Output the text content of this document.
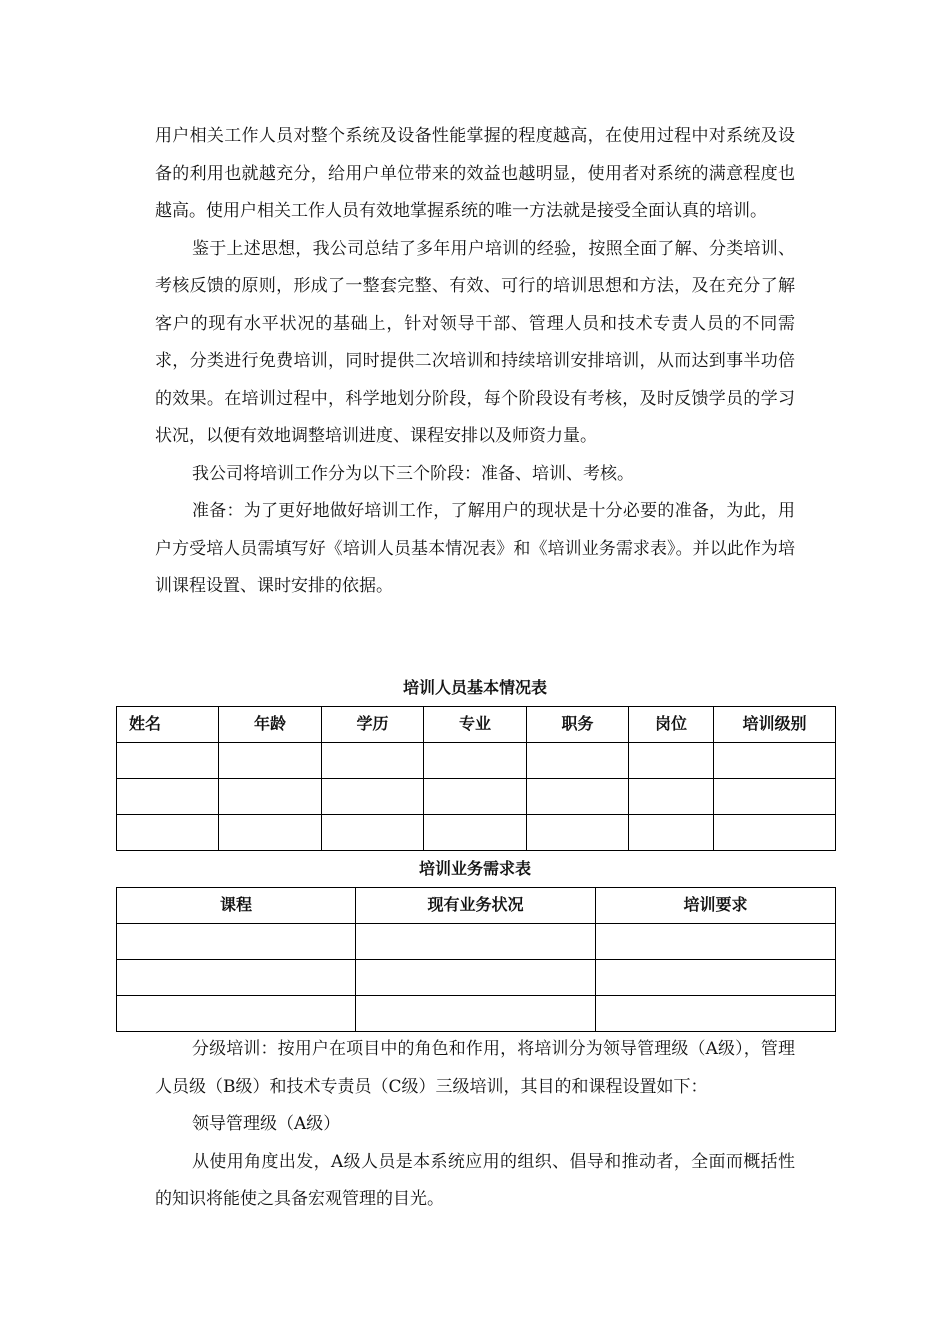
用户相关工作人员对整个系统及设备性能掌握的程度越高，在使用过程中对系统及设备的利用也就越充分，给用户单位带来的效益也越明显，使用者对系统的满意程度也越高。使用户相关工作人员有效地掌握系统的唯一方法就是接受全面认真的培训。

鉴于上述思想，我公司总结了多年用户培训的经验，按照全面了解、分类培训、考核反馈的原则，形成了一整套完整、有效、可行的培训思想和方法，及在充分了解客户的现有水平状况的基础上，针对领导干部、管理人员和技术专责人员的不同需求，分类进行免费培训，同时提供二次培训和持续培训安排培训，从而达到事半功倍的效果。在培训过程中，科学地划分阶段，每个阶段设有考核，及时反馈学员的学习状况，以便有效地调整培训进度、课程安排以及师资力量。

我公司将培训工作分为以下三个阶段：准备、培训、考核。

准备：为了更好地做好培训工作，了解用户的现状是十分必要的准备，为此，用户方受培人员需填写好《培训人员基本情况表》和《培训业务需求表》。并以此作为培训课程设置、课时安排的依据。

培训人员基本情况表
姓名	年龄	学历	专业	职务	岗位	培训级别

培训业务需求表
课程	现有业务状况	培训要求

分级培训：按用户在项目中的角色和作用，将培训分为领导管理级（A级），管理人员级（B级）和技术专责员（C级）三级培训，其目的和课程设置如下：

领导管理级（A级）

从使用角度出发，A级人员是本系统应用的组织、倡导和推动者，全面而概括性的知识将能使之具备宏观管理的目光。
